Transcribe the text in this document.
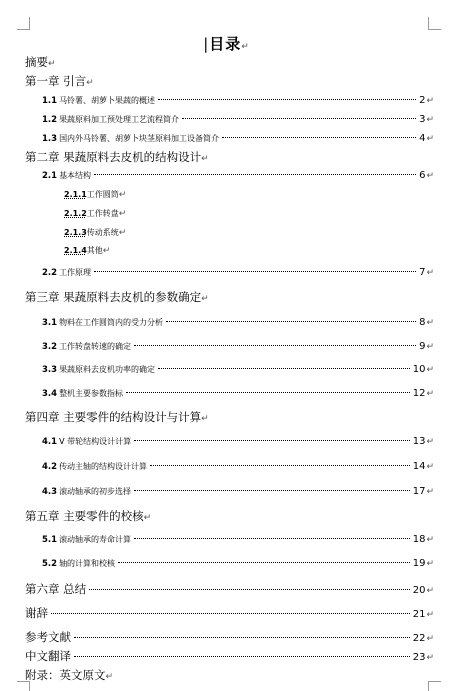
|目录↵
摘要↵
第一章 引言↵
1.1 马铃薯、胡萝卜果蔬的概述	2↵
1.2 果蔬原料加工预处理工艺流程简介	3↵
1.3 国内外马铃薯、胡萝卜块茎原料加工设备简介	4↵
第二章 果蔬原料去皮机的结构设计↵
2.1 基本结构	6↵
2.1.1工作圆筒↵
2.1.2工作转盘↵
2.1.3传动系统↵
2.1.4其他↵
2.2 工作原理	7↵
第三章 果蔬原料去皮机的参数确定↵
3.1 物料在工作圆筒内的受力分析	8↵
3.2 工作转盘转速的确定	9↵
3.3 果蔬原料去皮机功率的确定	10↵
3.4 整机主要参数指标	12↵
第四章 主要零件的结构设计与计算↵
4.1 V 带轮结构设计计算	13↵
4.2 传动主轴的结构设计计算	14↵
4.3 滚动轴承的初步选择	17↵
第五章 主要零件的校核↵
5.1 滚动轴承的寿命计算	18↵
5.2 轴的计算和校核	19↵
第六章 总结	20↵
谢辞	21↵
参考文献	22↵
中文翻译	23↵
附录：英文原文↵
